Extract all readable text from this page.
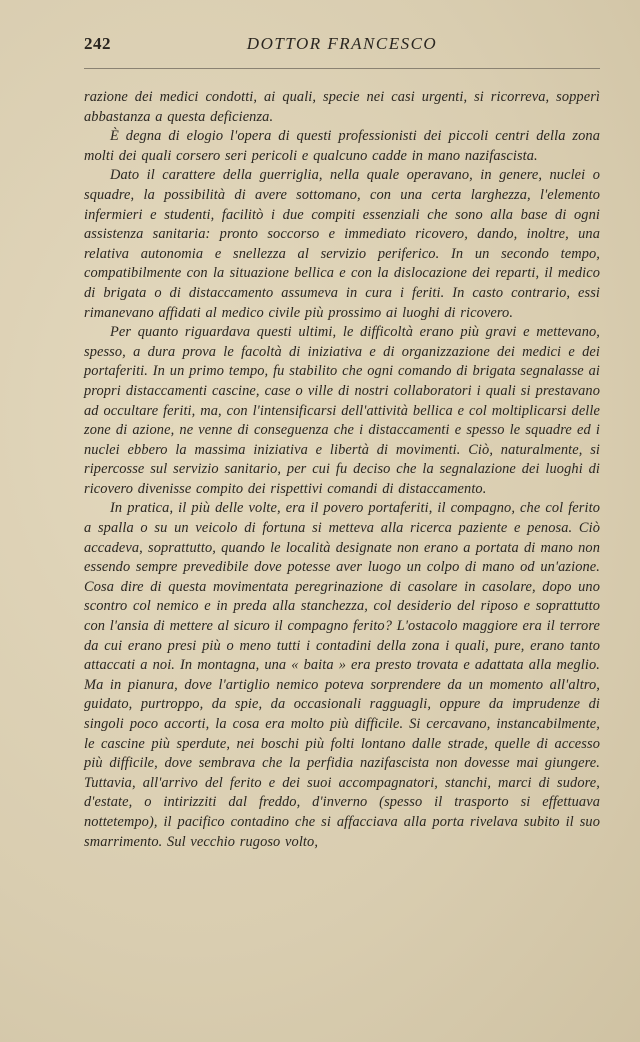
242	DOTTOR FRANCESCO

razione dei medici condotti, ai quali, specie nei casi urgenti, si ricorreva, sopperì abbastanza a questa deficienza.

È degna di elogio l'opera di questi professionisti dei piccoli centri della zona molti dei quali corsero seri pericoli e qualcuno cadde in mano nazifascista.

Dato il carattere della guerriglia, nella quale operavano, in genere, nuclei o squadre, la possibilità di avere sottomano, con una certa larghezza, l'elemento infermieri e studenti, facilitò i due compiti essenziali che sono alla base di ogni assistenza sanitaria: pronto soccorso e immediato ricovero, dando, inoltre, una relativa autonomia e snellezza al servizio periferico. In un secondo tempo, compatibilmente con la situazione bellica e con la dislocazione dei reparti, il medico di brigata o di distaccamento assumeva in cura i feriti. In casto contrario, essi rimanevano affidati al medico civile più prossimo ai luoghi di ricovero.

Per quanto riguardava questi ultimi, le difficoltà erano più gravi e mettevano, spesso, a dura prova le facoltà di iniziativa e di organizzazione dei medici e dei portaferiti. In un primo tempo, fu stabilito che ogni comando di brigata segnalasse ai propri distaccamenti cascine, case o ville di nostri collaboratori i quali si prestavano ad occultare feriti, ma, con l'intensificarsi dell'attività bellica e col moltiplicarsi delle zone di azione, ne venne di conseguenza che i distaccamenti e spesso le squadre ed i nuclei ebbero la massima iniziativa e libertà di movimenti. Ciò, naturalmente, si ripercosse sul servizio sanitario, per cui fu deciso che la segnalazione dei luoghi di ricovero divenisse compito dei rispettivi comandi di distaccamento.

In pratica, il più delle volte, era il povero portaferiti, il compagno, che col ferito a spalla o su un veicolo di fortuna si metteva alla ricerca paziente e penosa. Ciò accadeva, soprattutto, quando le località designate non erano a portata di mano non essendo sempre prevedibile dove potesse aver luogo un colpo di mano od un'azione. Cosa dire di questa movimentata peregrinazione di casolare in casolare, dopo uno scontro col nemico e in preda alla stanchezza, col desiderio del riposo e soprattutto con l'ansia di mettere al sicuro il compagno ferito? L'ostacolo maggiore era il terrore da cui erano presi più o meno tutti i contadini della zona i quali, pure, erano tanto attaccati a noi. In montagna, una « baita » era presto trovata e adattata alla meglio. Ma in pianura, dove l'artiglio nemico poteva sorprendere da un momento all'altro, guidato, purtroppo, da spie, da occasionali ragguagli, oppure da imprudenze di singoli poco accorti, la cosa era molto più difficile. Si cercavano, instancabilmente, le cascine più sperdute, nei boschi più folti lontano dalle strade, quelle di accesso più difficile, dove sembrava che la perfidia nazifascista non dovesse mai giungere. Tuttavia, all'arrivo del ferito e dei suoi accompagnatori, stanchi, marci di sudore, d'estate, o intirizziti dal freddo, d'inverno (spesso il trasporto si effettuava nottetempo), il pacifico contadino che si affacciava alla porta rivelava subito il suo smarrimento. Sul vecchio rugoso volto,
